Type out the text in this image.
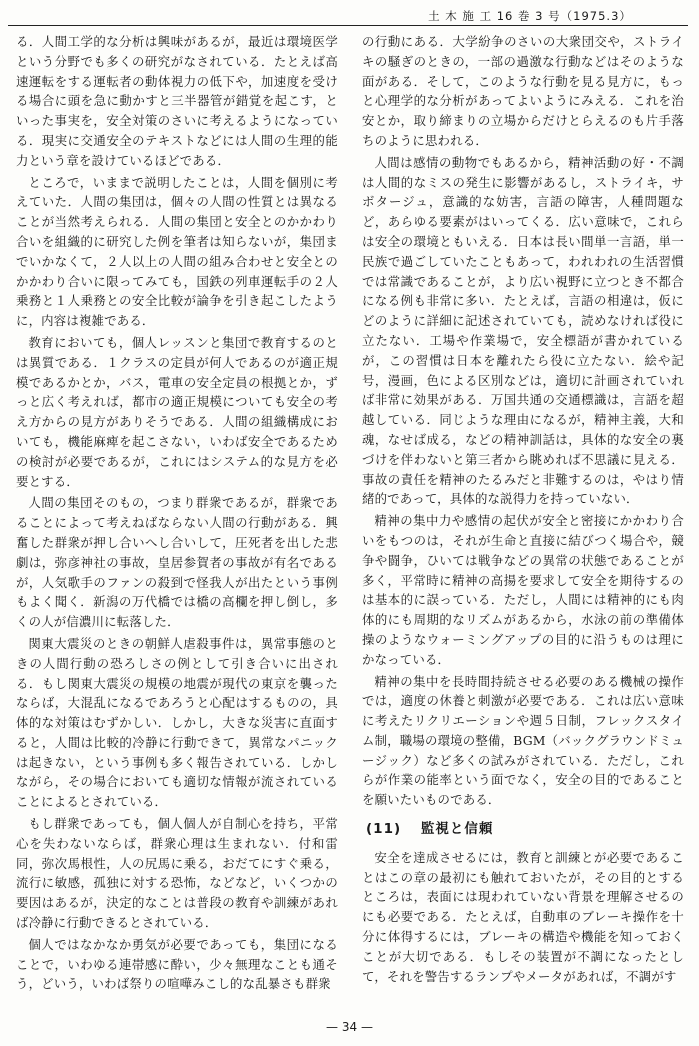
土 木 施 工 16 巻 3 号（1975.3）

る．人間工学的な分析は興味があるが，最近は環境医学という分野でも多くの研究がなされている．たとえば高速運転をする運転者の動体視力の低下や，加速度を受ける場合に頭を急に動かすと三半器管が錯覚を起こす，といった事実を，安全対策のさいに考えるようになっている．現実に交通安全のテキストなどには人間の生理的能力という章を設けているほどである．

ところで，いままで説明したことは，人間を個別に考えていた．人間の集団は，個々の人間の性質とは異なることが当然考えられる．人間の集団と安全とのかかわり合いを組織的に研究した例を筆者は知らないが，集団までいかなくて，２人以上の人間の組み合わせと安全とのかかわり合いに限ってみても，国鉄の列車運転手の２人乗務と１人乗務との安全比較が論争を引き起こしたように，内容は複雑である．

教育においても，個人レッスンと集団で教育するのとは異質である．１クラスの定員が何人であるのが適正規模であるかとか，バス，電車の安全定員の根拠とか，ずっと広く考えれば，都市の適正規模についても安全の考え方からの見方がありそうである．人間の組織構成においても，機能麻痺を起こさない，いわば安全であるための検討が必要であるが，これにはシステム的な見方を必要とする．

人間の集団そのもの，つまり群衆であるが，群衆であることによって考えねばならない人間の行動がある．興奮した群衆が押し合いへし合いして，圧死者を出した悲劇は，弥彦神社の事故，皇居参賀者の事故が有名であるが，人気歌手のファンの殺到で怪我人が出たという事例もよく聞く．新潟の万代橋では橋の高欄を押し倒し，多くの人が信濃川に転落した．

関東大震災のときの朝鮮人虐殺事件は，異常事態のときの人間行動の恐ろしさの例として引き合いに出される．もし関東大震災の規模の地震が現代の東京を襲ったならば，大混乱になるであろうと心配はするものの，具体的な対策はむずかしい．しかし，大きな災害に直面すると，人間は比較的冷静に行動できて，異常なパニックは起きない，という事例も多く報告されている．しかしながら，その場合においても適切な情報が流されていることによるとされている．

もし群衆であっても，個人個人が自制心を持ち，平常心を失わないならば，群衆心理は生まれない．付和雷同，弥次馬根性，人の尻馬に乗る，おだてにすぐ乗る，流行に敏感，孤独に対する恐怖，などなど，いくつかの要因はあるが，決定的なことは普段の教育や訓練があれば冷静に行動できるとされている．

個人ではなかなか勇気が必要であっても，集団になることで，いわゆる連帯感に酔い，少々無理なことも通そう，どいう，いわば祭りの喧嘩みこし的な乱暴さも群衆

の行動にある．大学紛争のさいの大衆団交や，ストライキの騒ぎのときの，一部の過激な行動などはそのような面がある．そして，このような行動を見る見方に，もっと心理学的な分析があってよいようにみえる．これを治安とか，取り締まりの立場からだけとらえるのも片手落ちのように思われる．

人間は感情の動物でもあるから，精神活動の好・不調は人間的なミスの発生に影響があるし，ストライキ，サボタージュ，意識的な妨害，言語の障害，人種問題など，あらゆる要素がはいってくる．広い意味で，これらは安全の環境ともいえる．日本は長い間単一言語，単一民族で過ごしていたこともあって，われわれの生活習慣では常識であることが，より広い視野に立つとき不都合になる例も非常に多い．たとえば，言語の相違は，仮にどのように詳細に記述されていても，読めなければ役に立たない．工場や作業場で，安全標語が書かれているが，この習慣は日本を離れたら役に立たない．絵や記号，漫画，色による区別などは，適切に計画されていれば非常に効果がある．万国共通の交通標識は，言語を超越している．同じような理由になるが，精神主義，大和魂，なせば成る，などの精神訓話は，具体的な安全の裏づけを伴わないと第三者から眺めれば不思議に見える．事故の責任を精神のたるみだと非難するのは，やはり情緒的であって，具体的な説得力を持っていない．

精神の集中力や感情の起伏が安全と密接にかかわり合いをもつのは，それが生命と直接に結びつく場合や，競争や闘争，ひいては戦争などの異常の状態であることが多く，平常時に精神の高揚を要求して安全を期待するのは基本的に誤っている．ただし，人間には精神的にも肉体的にも周期的なリズムがあるから，水泳の前の準備体操のようなウォーミングアップの目的に沿うものは理にかなっている．

精神の集中を長時間持続させる必要のある機械の操作では，適度の休養と刺激が必要である．これは広い意味に考えたリクリエーションや週５日制，フレックスタイム制，職場の環境の整備，BGM（バックグラウンドミュージック）など多くの試みがされている．ただし，これらが作業の能率という面でなく，安全の目的であることを願いたいものである．

(11) 監視と信頼

安全を達成させるには，教育と訓練とが必要であることはこの章の最初にも触れておいたが，その目的とするところは，表面には現われていない背景を理解させるのにも必要である．たとえば，自動車のブレーキ操作を十分に体得するには，ブレーキの構造や機能を知っておくことが大切である．もしその装置が不調になったとして，それを警告するランプやメータがあれば，不調がす

— 34 —
